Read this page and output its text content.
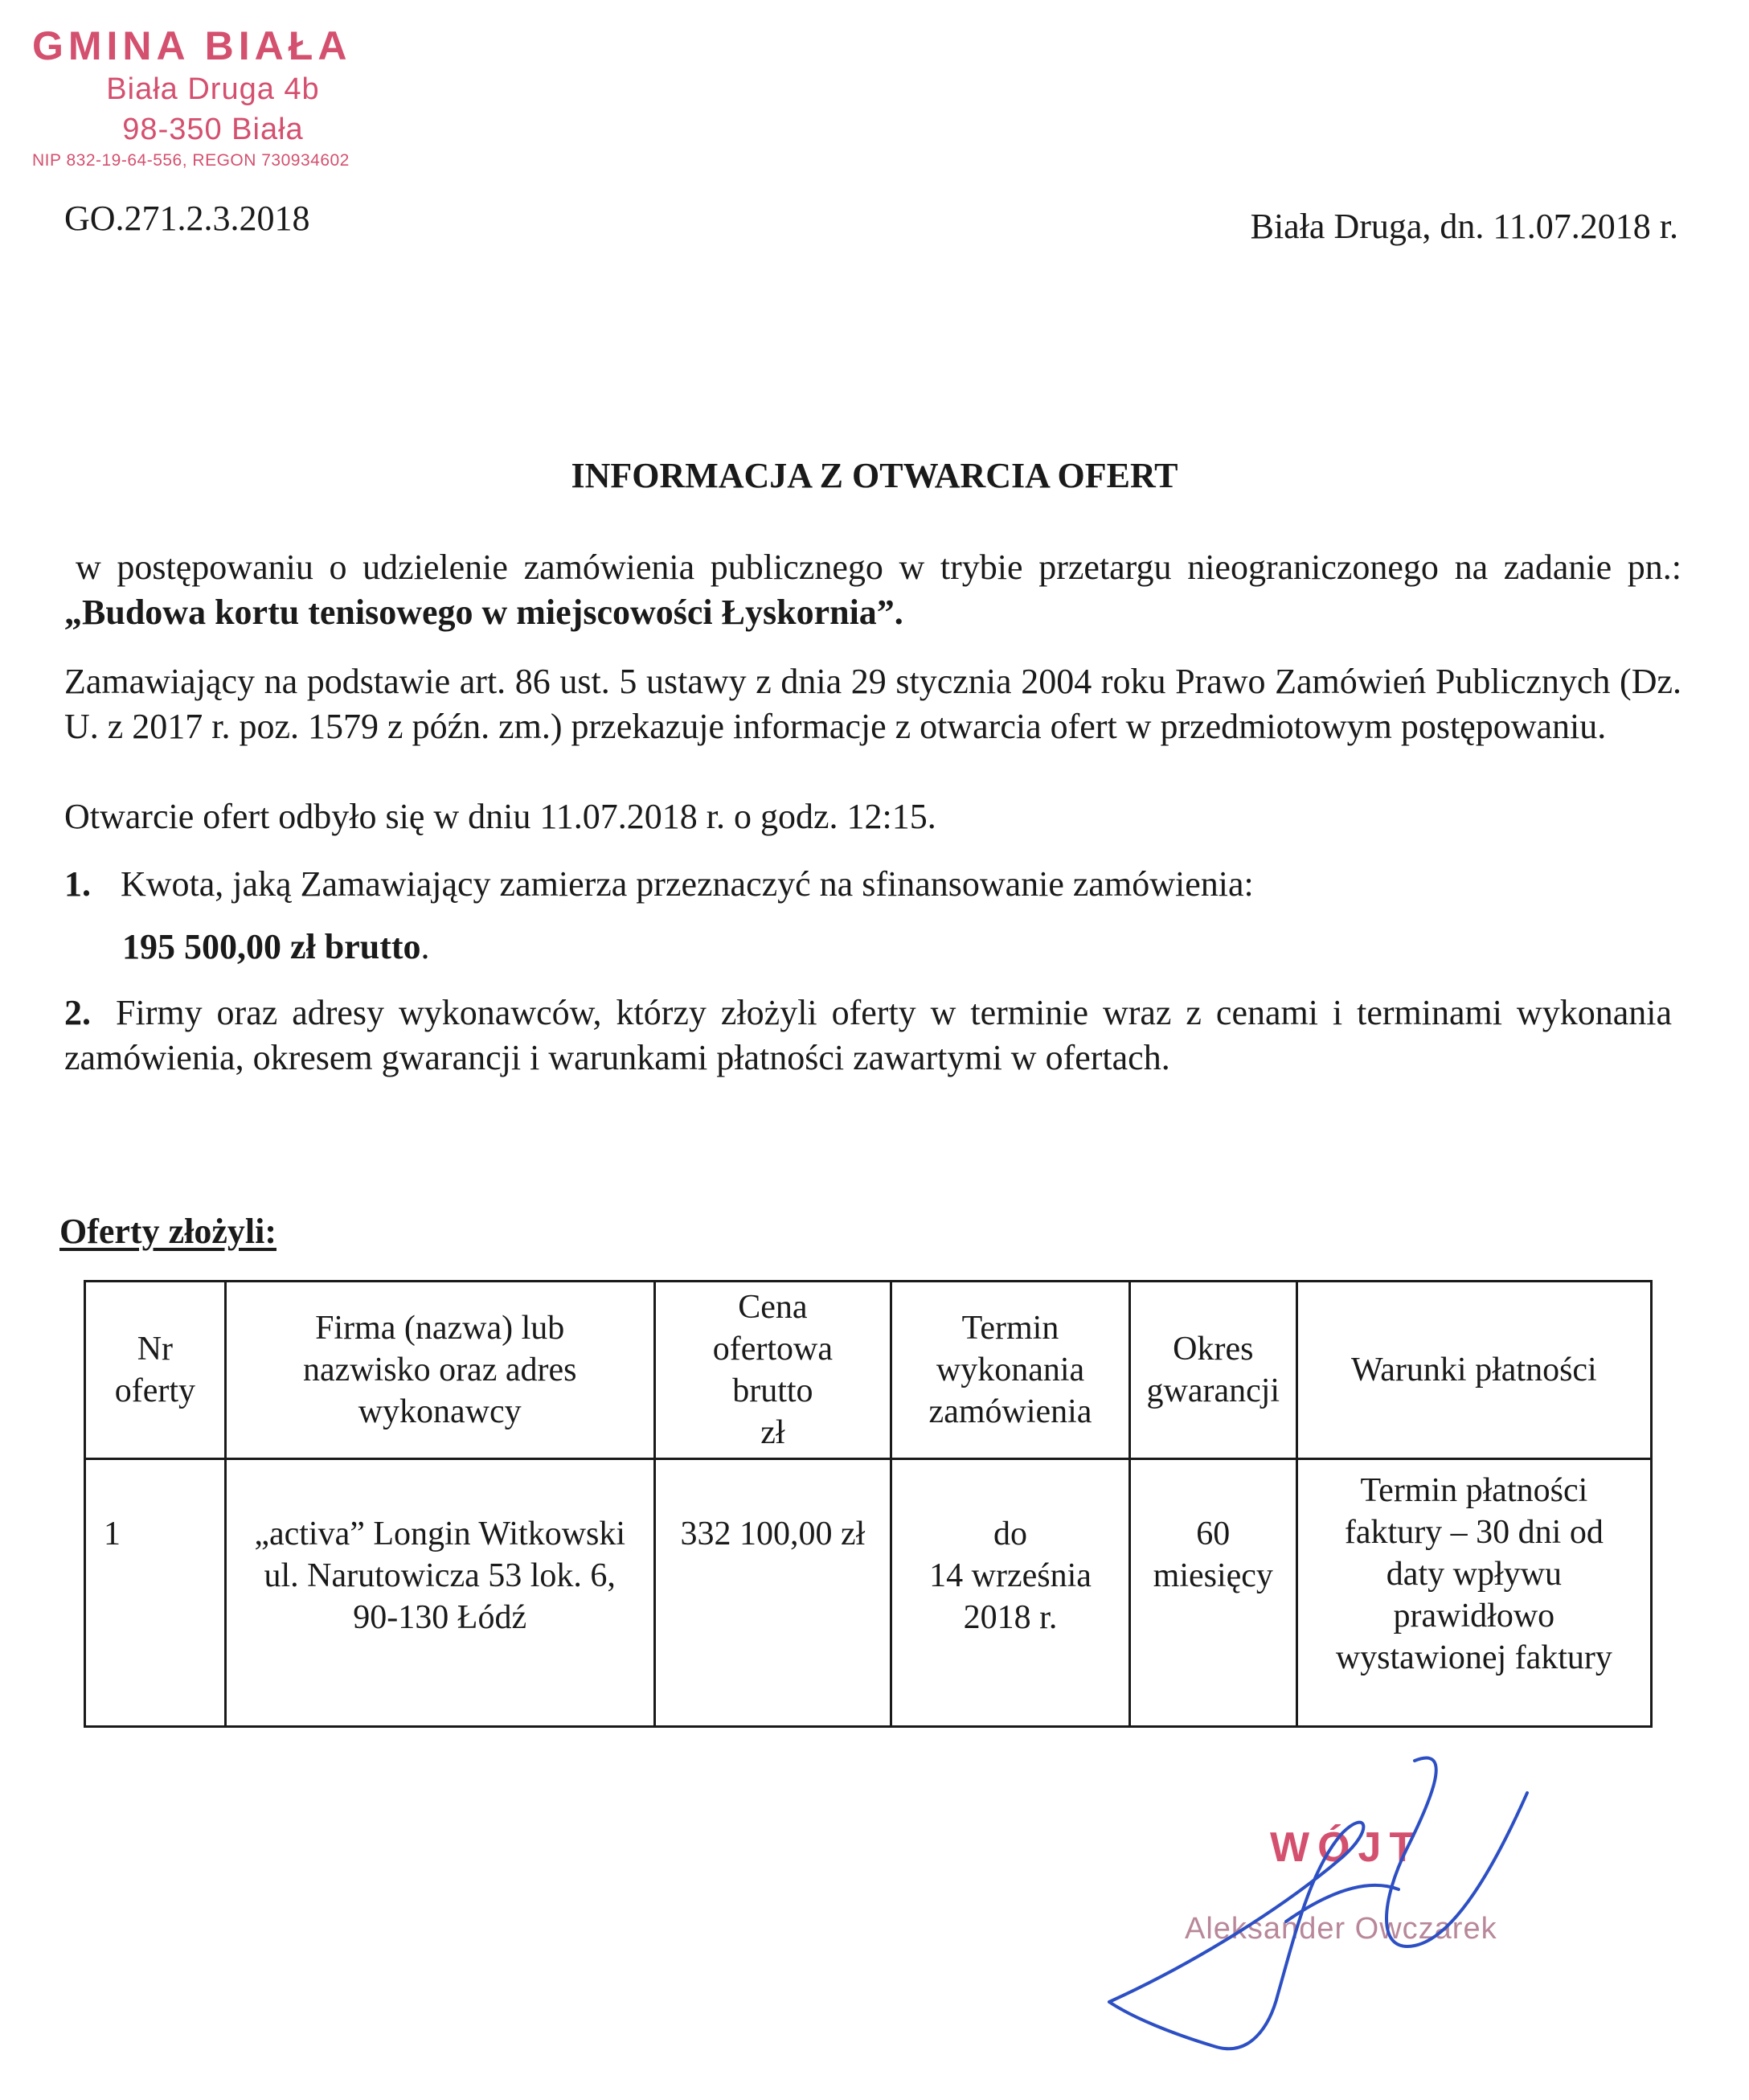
GMINA BIAŁA
Biała Druga 4b
98-350 Biała
NIP 832-19-64-556, REGON 730934602
GO.271.2.3.2018	Biała Druga, dn. 11.07.2018 r.
INFORMACJA Z OTWARCIA OFERT
w postępowaniu o udzielenie zamówienia publicznego w trybie przetargu nieograniczonego na zadanie pn.: „Budowa kortu tenisowego w miejscowości Łyskornia”.
Zamawiający na podstawie art. 86 ust. 5 ustawy z dnia 29 stycznia 2004 roku Prawo Zamówień Publicznych (Dz. U. z 2017 r. poz. 1579 z późn. zm.) przekazuje informacje z otwarcia ofert w przedmiotowym postępowaniu.
Otwarcie ofert odbyło się w dniu 11.07.2018 r. o godz. 12:15.
1. Kwota, jaką Zamawiający zamierza przeznaczyć na sfinansowanie zamówienia:
195 500,00 zł brutto.
2. Firmy oraz adresy wykonawców, którzy złożyli oferty w terminie wraz z cenami i terminami wykonania zamówienia, okresem gwarancji i warunkami płatności zawartymi w ofertach.
Oferty złożyli:
Nr
oferty	Firma (nazwa) lub
nazwisko oraz adres
wykonawcy	Cena
ofertowa
brutto
zł	Termin
wykonania
zamówienia	Okres
gwarancji	Warunki płatności
1	„activa” Longin Witkowski
ul. Narutowicza 53 lok. 6,
90-130 Łódź	332 100,00 zł	do
14 września
2018 r.	60
miesięcy	Termin płatności
faktury – 30 dni od
daty wpływu
prawidłowo
wystawionej faktury
WÓJT
Aleksander Owczarek
